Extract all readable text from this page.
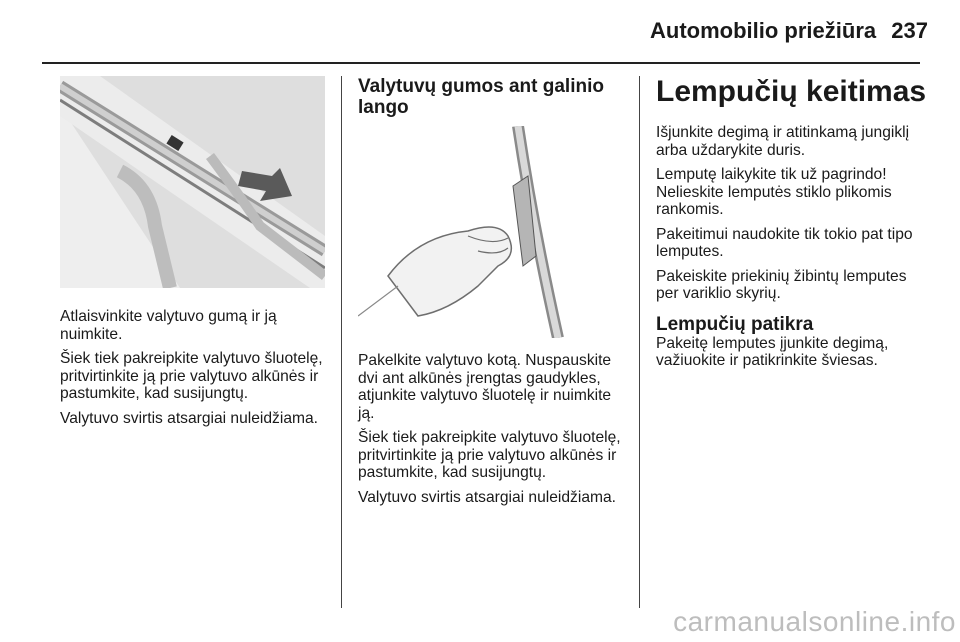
Automobilio priežiūra 237

Atlaisvinkite valytuvo gumą ir ją nuimkite.

Šiek tiek pakreipkite valytuvo šluotelę, pritvirtinkite ją prie valytuvo alkūnės ir pastumkite, kad susijungtų.

Valytuvo svirtis atsargiai nuleidžiama.

Valytuvų gumos ant galinio lango

Pakelkite valytuvo kotą. Nuspauskite dvi ant alkūnės įrengtas gaudykles, atjunkite valytuvo šluotelę ir nuimkite ją.

Šiek tiek pakreipkite valytuvo šluotelę, pritvirtinkite ją prie valytuvo alkūnės ir pastumkite, kad susijungtų.

Valytuvo svirtis atsargiai nuleidžiama.

Lempučių keitimas

Išjunkite degimą ir atitinkamą jungiklį arba uždarykite duris.

Lemputę laikykite tik už pagrindo! Nelieskite lemputės stiklo plikomis rankomis.

Pakeitimui naudokite tik tokio pat tipo lemputes.

Pakeiskite priekinių žibintų lemputes per variklio skyrių.

Lempučių patikra

Pakeitę lemputes įjunkite degimą, važiuokite ir patikrinkite šviesas.

carmanualsonline.info
